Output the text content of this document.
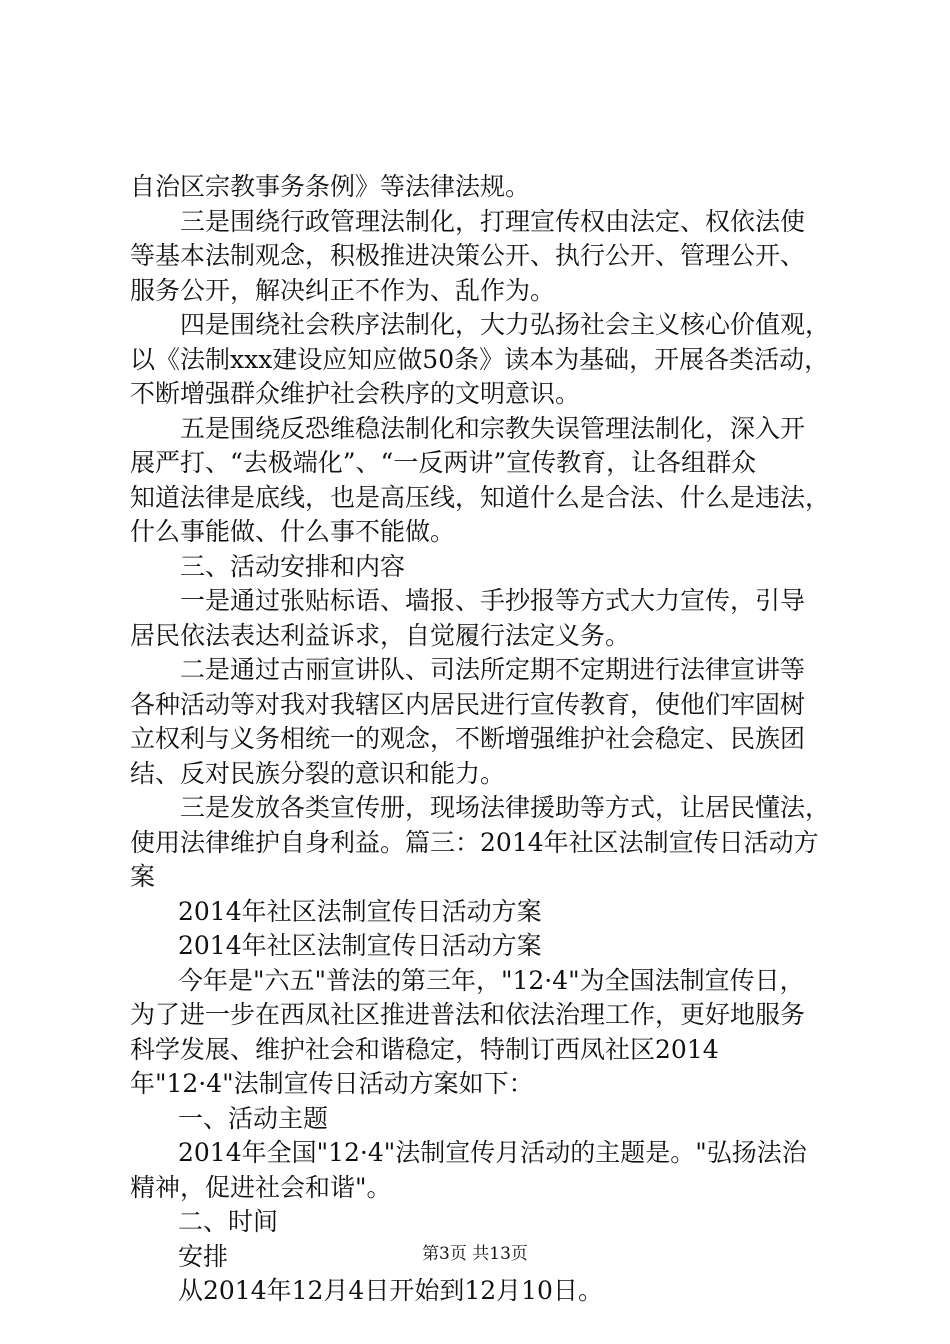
自治区宗教事务条例》等法律法规。
三是围绕行政管理法制化，打理宣传权由法定、权依法使
等基本法制观念，积极推进决策公开、执行公开、管理公开、
服务公开，解决纠正不作为、乱作为。
四是围绕社会秩序法制化，大力弘扬社会主义核心价值观，
以《法制xxx建设应知应做50条》读本为基础，开展各类活动，
不断增强群众维护社会秩序的文明意识。
五是围绕反恐维稳法制化和宗教失误管理法制化，深入开
展严打、“去极端化”、“一反两讲”宣传教育，让各组群众
知道法律是底线，也是高压线，知道什么是合法、什么是违法，
什么事能做、什么事不能做。
三、活动安排和内容
一是通过张贴标语、墙报、手抄报等方式大力宣传，引导
居民依法表达利益诉求，自觉履行法定义务。
二是通过古丽宣讲队、司法所定期不定期进行法律宣讲等
各种活动等对我对我辖区内居民进行宣传教育，使他们牢固树
立权利与义务相统一的观念，不断增强维护社会稳定、民族团
结、反对民族分裂的意识和能力。
三是发放各类宣传册，现场法律援助等方式，让居民懂法，
使用法律维护自身利益。篇三：2014年社区法制宣传日活动方
案
2014年社区法制宣传日活动方案
2014年社区法制宣传日活动方案
今年是"六五"普法的第三年，"12·4"为全国法制宣传日，
为了进一步在西凤社区推进普法和依法治理工作，更好地服务
科学发展、维护社会和谐稳定，特制订西凤社区2014
年"12·4"法制宣传日活动方案如下：
一、活动主题
2014年全国"12·4"法制宣传月活动的主题是。"弘扬法治
精神，促进社会和谐"。
二、时间
安排
从2014年12月4日开始到12月10日。
第3页 共13页
